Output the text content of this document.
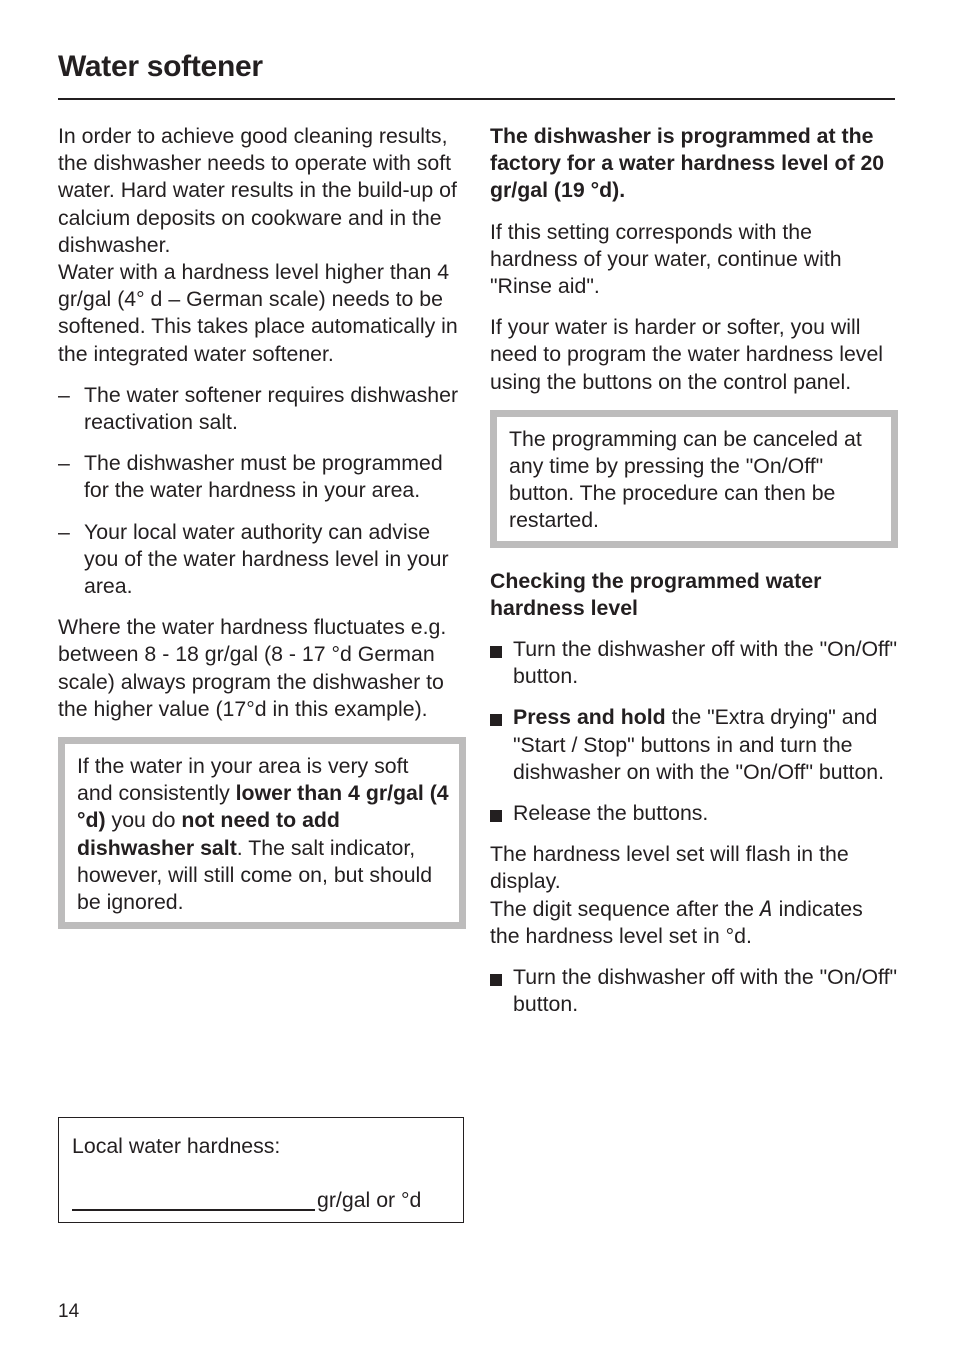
Water softener

In order to achieve good cleaning results, the dishwasher needs to operate with soft water. Hard water results in the build-up of calcium deposits on cookware and in the dishwasher.

Water with a hardness level higher than 4 gr/gal (4° d – German scale) needs to be softened. This takes place automatically in the integrated water softener.

– The water softener requires dishwasher reactivation salt.
– The dishwasher must be programmed for the water hardness in your area.
– Your local water authority can advise you of the water hardness level in your area.

Where the water hardness fluctuates e.g. between 8 - 18 gr/gal (8 - 17 °d German scale) always program the dishwasher to the higher value (17°d in this example).

If the water in your area is very soft and consistently lower than 4 gr/gal (4 °d) you do not need to add dishwasher salt. The salt indicator, however, will still come on, but should be ignored.
Local water hardness:
gr/gal or °d

The dishwasher is programmed at the factory for a water hardness level of 20 gr/gal (19 °d).

If this setting corresponds with the hardness of your water, continue with "Rinse aid".

If your water is harder or softer, you will need to program the water hardness level using the buttons on the control panel.

The programming can be canceled at any time by pressing the "On/Off" button. The procedure can then be restarted.

Checking the programmed water hardness level

Turn the dishwasher off with the "On/Off" button.
Press and hold the "Extra drying" and "Start / Stop" buttons in and turn the dishwasher on with the "On/Off" button.
Release the buttons.

The hardness level set will flash in the display.

The digit sequence after the A indicates the hardness level set in °d.

Turn the dishwasher off with the "On/Off" button.
14
